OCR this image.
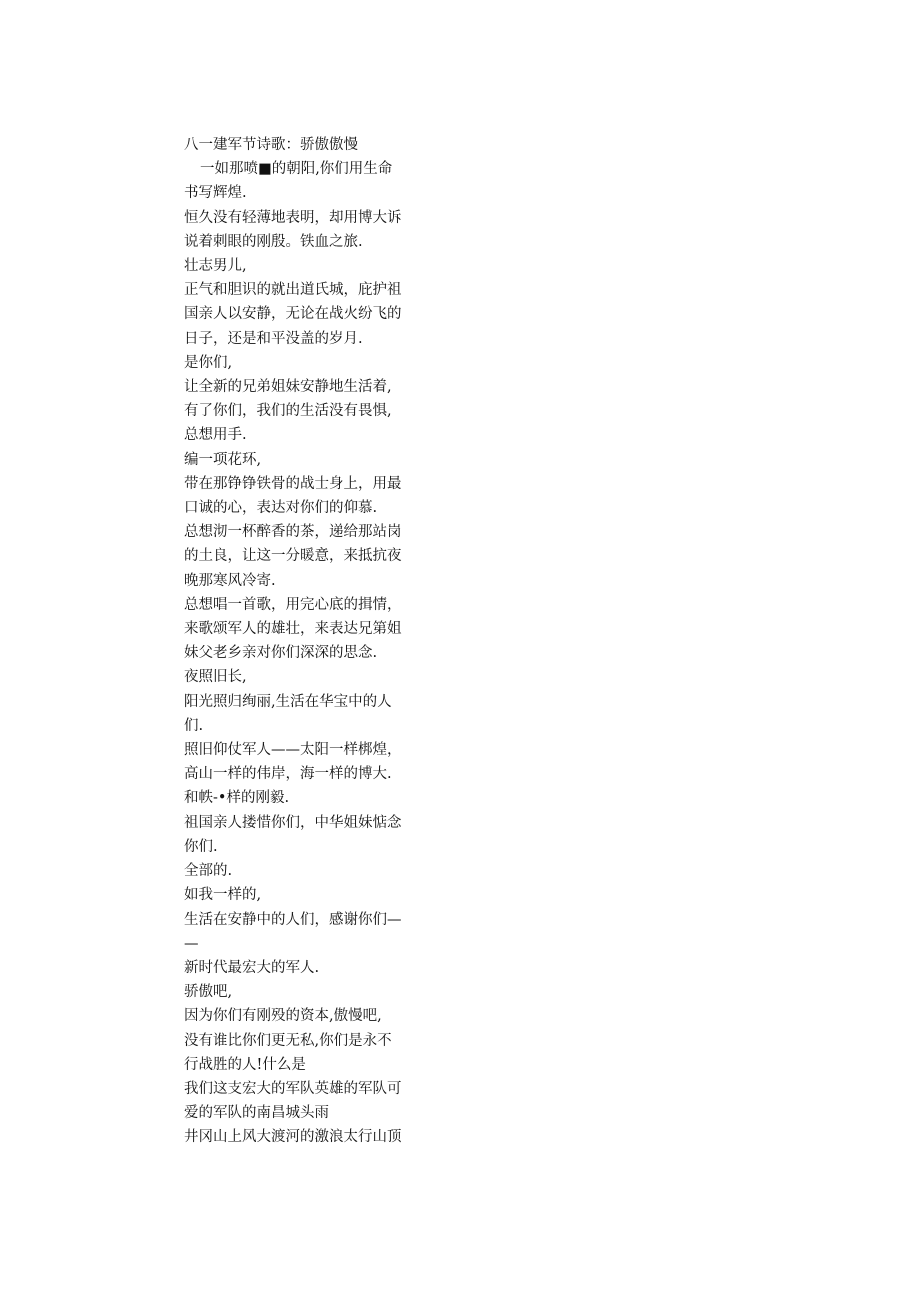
八一建军节诗歌：骄傲傲慢
一如那喷■的朝阳,你们用生命
书写辉煌.
恒久没有轻薄地表明，却用博大诉
说着刺眼的刚殷。铁血之旅.
壮志男儿,
正气和胆识的就出道氏城，庇护祖
国亲人以安静，无论在战火纷飞的
日子，还是和平没盖的岁月.
是你们,
让全新的兄弟姐妹安静地生活着,
有了你们，我们的生活没有畏惧,
总想用手.
编一项花环,
带在那铮铮铁骨的战士身上，用最
口诚的心，表达对你们的仰慕.
总想沏一杯醉香的茶，递给那站岗
的土良，让这一分暖意，来抵抗夜
晚那寒风冷寄.
总想唱一首歌，用完心底的揖情，
来歌颂军人的雄壮，来表达兄第姐
妹父老乡亲对你们深深的思念.
夜照旧长,
阳光照归绚丽,生活在华宝中的人
们.
照旧仰仗军人——太阳一样梆煌，
高山一样的伟岸，海一样的博大.
和帙-•样的刚毅.
祖国亲人搂惜你们，中华姐妹惦念
你们.
全部的.
如我一样的,
生活在安静中的人们，感谢你们—
—
新时代最宏大的军人.
骄傲吧,
因为你们有刚殁的资本,傲慢吧,
没有谁比你们更无私,你们是永不
行战胜的人!什么是
我们这支宏大的军队英雄的军队可
爱的军队的南昌城头雨
井冈山上风大渡河的激浪太行山顶
